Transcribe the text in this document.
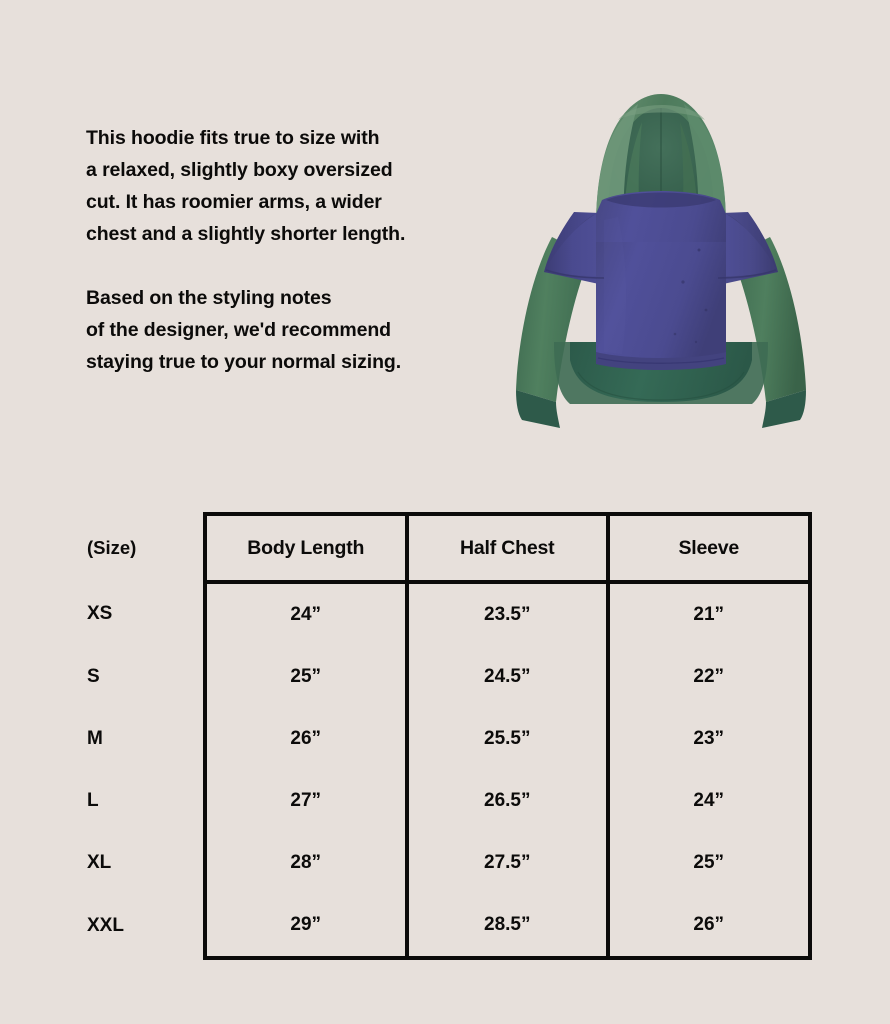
This hoodie fits true to size with
a relaxed, slightly boxy oversized
cut. It has roomier arms, a wider
chest and a slightly shorter length.

Based on the styling notes
of the designer, we'd recommend
staying true to your normal sizing.

(Size)	Body Length	Half Chest	Sleeve
XS	24”	23.5”	21”
S	25”	24.5”	22”
M	26”	25.5”	23”
L	27”	26.5”	24”
XL	28”	27.5”	25”
XXL	29”	28.5”	26”
